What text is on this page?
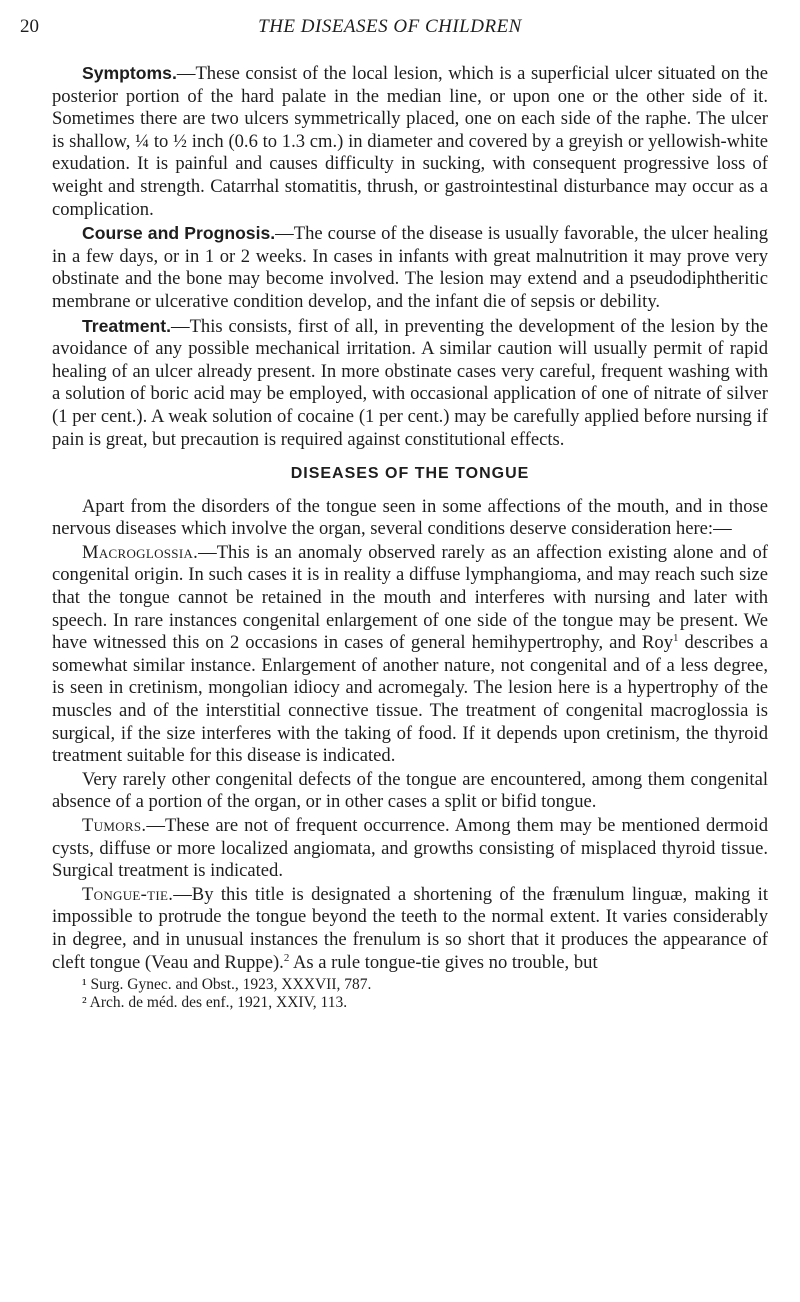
20	THE DISEASES OF CHILDREN

Symptoms.—These consist of the local lesion, which is a superficial ulcer situated on the posterior portion of the hard palate in the median line, or upon one or the other side of it. Sometimes there are two ulcers symmetrically placed, one on each side of the raphe. The ulcer is shallow, ¼ to ½ inch (0.6 to 1.3 cm.) in diameter and covered by a greyish or yellowish-white exudation. It is painful and causes difficulty in sucking, with consequent progressive loss of weight and strength. Catarrhal stomatitis, thrush, or gastrointestinal disturbance may occur as a complication.

Course and Prognosis.—The course of the disease is usually favorable, the ulcer healing in a few days, or in 1 or 2 weeks. In cases in infants with great malnutrition it may prove very obstinate and the bone may become involved. The lesion may extend and a pseudodiphtheritic membrane or ulcerative condition develop, and the infant die of sepsis or debility.

Treatment.—This consists, first of all, in preventing the development of the lesion by the avoidance of any possible mechanical irritation. A similar caution will usually permit of rapid healing of an ulcer already present. In more obstinate cases very careful, frequent washing with a solution of boric acid may be employed, with occasional application of one of nitrate of silver (1 per cent.). A weak solution of cocaine (1 per cent.) may be carefully applied before nursing if pain is great, but precaution is required against constitutional effects.

DISEASES OF THE TONGUE

Apart from the disorders of the tongue seen in some affections of the mouth, and in those nervous diseases which involve the organ, several conditions deserve consideration here:—

Macroglossia.—This is an anomaly observed rarely as an affection existing alone and of congenital origin. In such cases it is in reality a diffuse lymphangioma, and may reach such size that the tongue cannot be retained in the mouth and interferes with nursing and later with speech. In rare instances congenital enlargement of one side of the tongue may be present. We have witnessed this on 2 occasions in cases of general hemihypertrophy, and Roy$^1$ describes a somewhat similar instance. Enlargement of another nature, not congenital and of a less degree, is seen in cretinism, mongolian idiocy and acromegaly. The lesion here is a hypertrophy of the muscles and of the interstitial connective tissue. The treatment of congenital macroglossia is surgical, if the size interferes with the taking of food. If it depends upon cretinism, the thyroid treatment suitable for this disease is indicated.

Very rarely other congenital defects of the tongue are encountered, among them congenital absence of a portion of the organ, or in other cases a split or bifid tongue.

Tumors.—These are not of frequent occurrence. Among them may be mentioned dermoid cysts, diffuse or more localized angiomata, and growths consisting of misplaced thyroid tissue. Surgical treatment is indicated.

Tongue-tie.—By this title is designated a shortening of the frænulum linguæ, making it impossible to protrude the tongue beyond the teeth to the normal extent. It varies considerably in degree, and in unusual instances the frenulum is so short that it produces the appearance of cleft tongue (Veau and Ruppe).$^2$ As a rule tongue-tie gives no trouble, but

¹ Surg. Gynec. and Obst., 1923, XXXVII, 787.
² Arch. de méd. des enf., 1921, XXIV, 113.
